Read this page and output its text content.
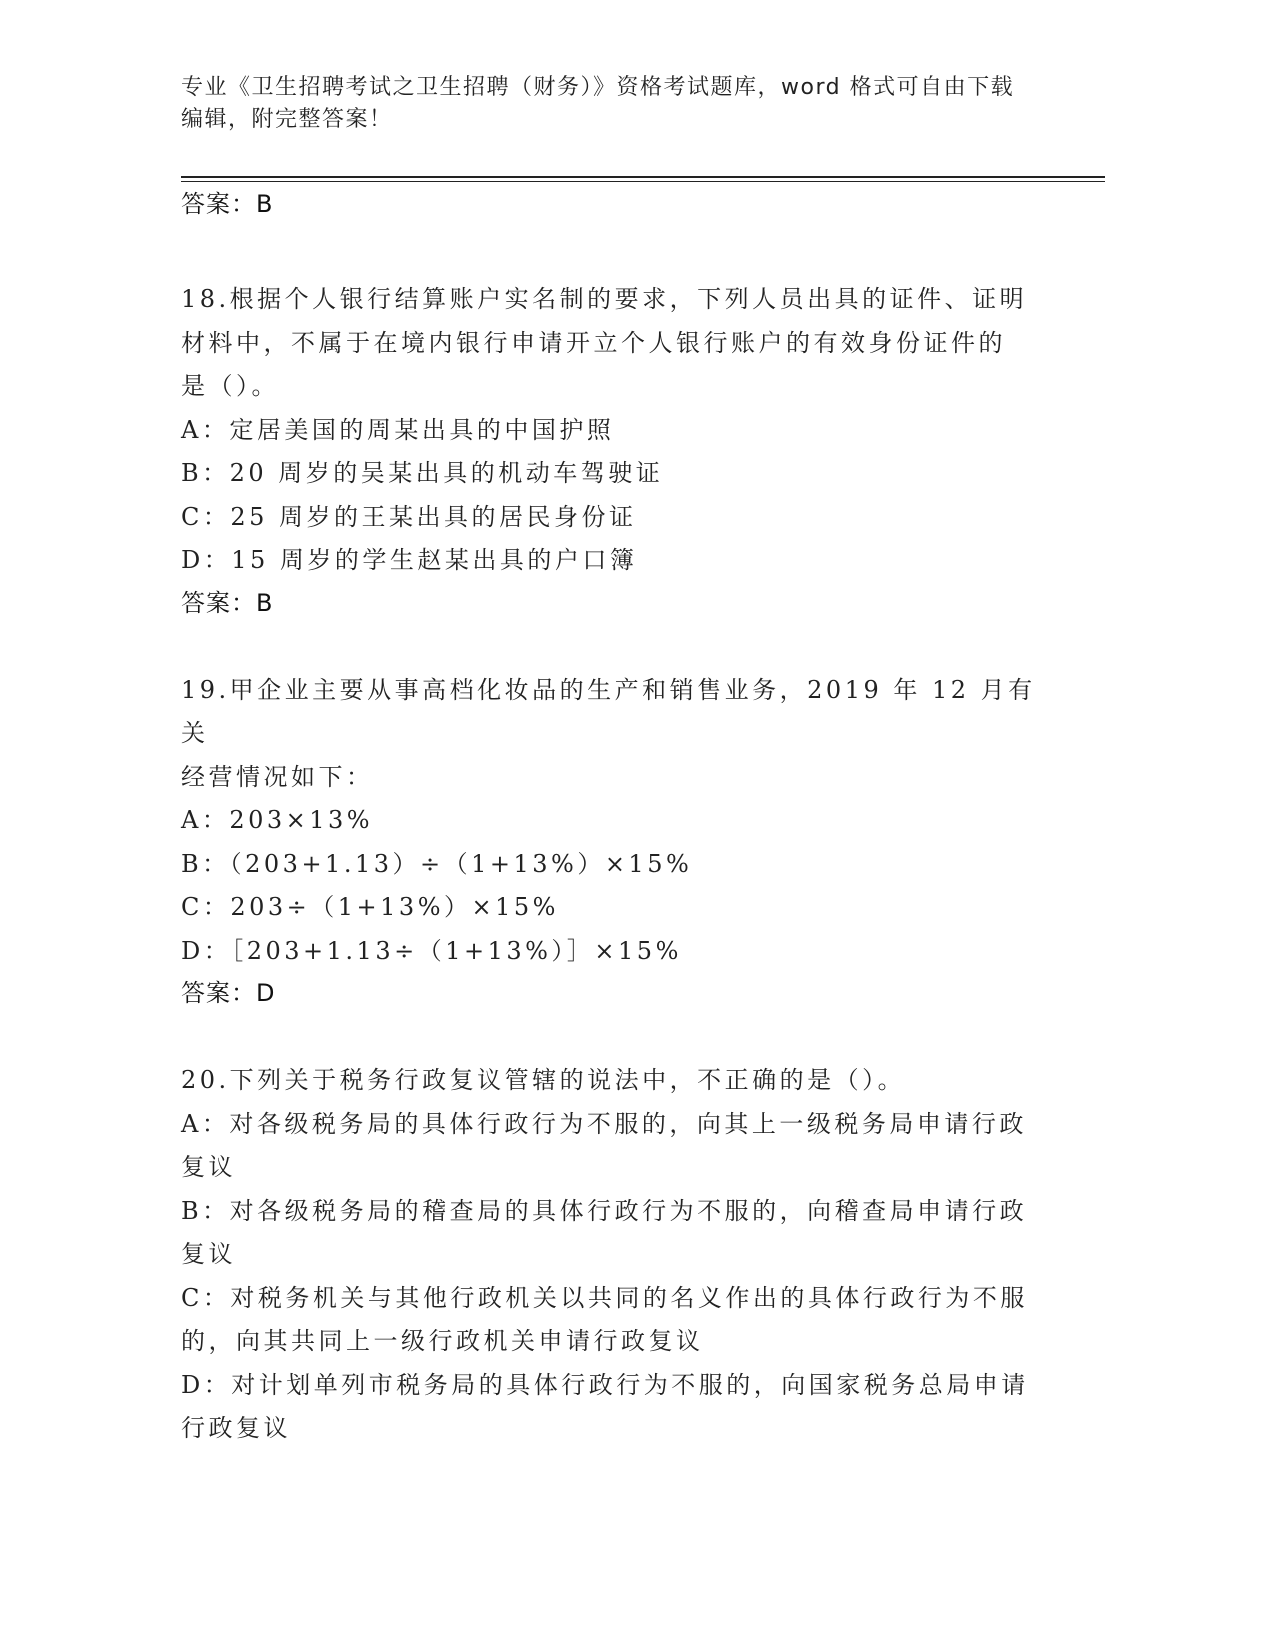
专业《卫生招聘考试之卫生招聘（财务）》资格考试题库，word 格式可自由下载
编辑，附完整答案！

答案：B

18.根据个人银行结算账户实名制的要求，下列人员出具的证件、证明

材料中，不属于在境内银行申请开立个人银行账户的有效身份证件的

是（）。

A：定居美国的周某出具的中国护照

B：20 周岁的吴某出具的机动车驾驶证

C：25 周岁的王某出具的居民身份证

D：15 周岁的学生赵某出具的户口簿

答案：B

19.甲企业主要从事高档化妆品的生产和销售业务，2019 年 12 月有关

经营情况如下：

A：203×13%

B：（203+1.13）÷（1+13%）×15%

C：203÷（1+13%）×15%

D：［203+1.13÷（1+13%）］×15%

答案：D

20.下列关于税务行政复议管辖的说法中，不正确的是（）。

A：对各级税务局的具体行政行为不服的，向其上一级税务局申请行政

复议

B：对各级税务局的稽查局的具体行政行为不服的，向稽查局申请行政

复议

C：对税务机关与其他行政机关以共同的名义作出的具体行政行为不服

的，向其共同上一级行政机关申请行政复议

D：对计划单列市税务局的具体行政行为不服的，向国家税务总局申请

行政复议
